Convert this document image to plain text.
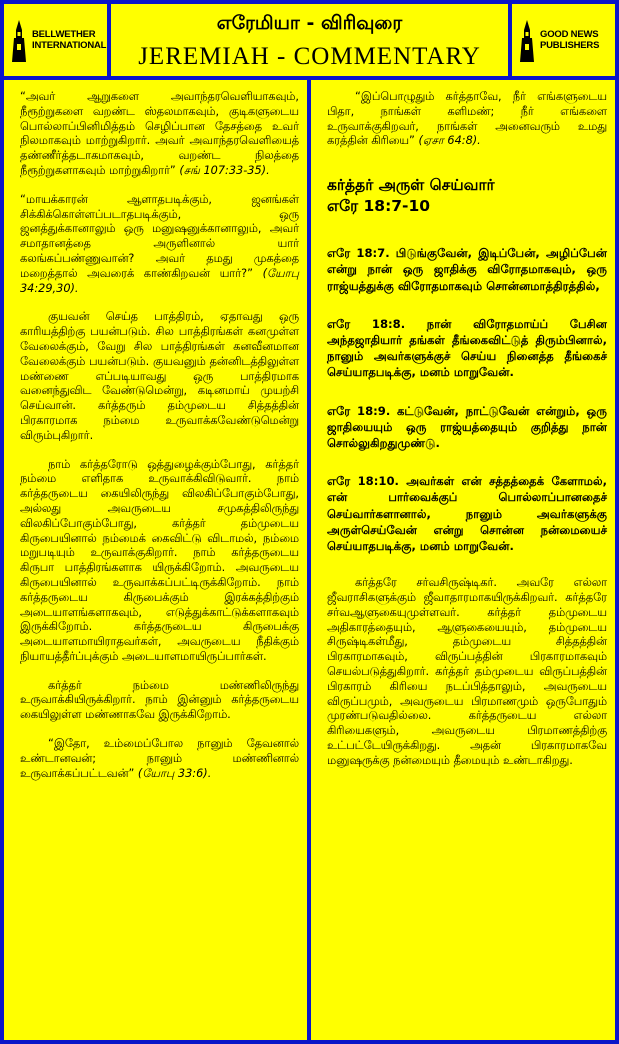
BELLWETHER INTERNATIONAL
எரேமியா - விரிவுரை
JEREMIAH - COMMENTARY
GOOD NEWS PUBLISHERS

“அவர் ஆறுகளை அவாந்தரவெளியாகவும், நீரூற்றுகளை வறண்ட ஸ்தலமாகவும், குடிகளுடைய பொல்லாப்பினிமித்தம் செழிப்பான தேசத்தை உவர் நிலமாகவும் மாற்றுகிறார். அவர் அவாந்தரவெளியைத் தண்ணீர்த்தடாகமாகவும், வறண்ட நிலத்தை நீரூற்றுகளாகவும் மாற்றுகிறார்” (சங் 107:33-35).

“மாயக்காரன் ஆளாதபடிக்கும், ஜனங்கள் சிக்கிக்கொள்ளப்படாதபடிக்கும், ஒரு ஜனத்துக்கானாலும் ஒரு மனுஷனுக்கானாலும், அவர் சமாதானத்தை அருளினால் யார் கலங்கப்பண்ணுவான்? அவர் தமது முகத்தை மறைத்தால் அவரைக் காண்கிறவன் யார்?” (யோபு 34:29,30).

குயவன் செய்த பாத்திரம், ஏதாவது ஒரு காரியத்திற்கு பயன்படும். சில பாத்திரங்கள் கனமுள்ள வேலைக்கும், வேறு சில பாத்திரங்கள் கனவீனமான வேலைக்கும் பயன்படும். குயவனும் தன்னிடத்திலுள்ள மண்ணை எப்படியாவது ஒரு பாத்திரமாக வனைந்துவிட வேண்டுமென்று, கடினமாய் முயற்சி செய்வான். கர்த்தரும் தம்முடைய சித்தத்தின் பிரகாரமாக நம்மை உருவாக்கவேண்டுமென்று விரும்புகிறார்.

நாம் கர்த்தரோடு ஒத்துழைக்கும்போது, கர்த்தர் நம்மை எளிதாக உருவாக்கிவிடுவார். நாம் கர்த்தருடைய கையிலிருந்து விலகிப்போகும்போது, அல்லது அவருடைய சமுகத்திலிருந்து விலகிப்போகும்போது, கர்த்தர் தம்முடைய கிருபையினால் நம்மைக் கைவிட்டு விடாமல், நம்மை மறுபடியும் உருவாக்குகிறார். நாம் கர்த்தருடைய கிருபா பாத்திரங்களாக யிருக்கிறோம். அவருடைய கிருபையினால் உருவாக்கப்பட்டிருக்கிறோம். நாம் கர்த்தருடைய கிருபைக்கும் இரக்கத்திற்கும் அடையாளங்களாகவும், எடுத்துக்காட்டுக்களாகவும் இருக்கிறோம். கர்த்தருடைய கிருபைக்கு அடையாளமாயிராதவர்கள், அவருடைய நீதிக்கும் நியாயத்தீர்ப்புக்கும் அடையாளமாயிருப்பார்கள்.

கர்த்தர் நம்மை மண்ணிலிருந்து உருவாக்கியிருக்கிறார். நாம் இன்னும் கர்த்தருடைய கையிலுள்ள மண்ணாகவே இருக்கிறோம்.

“இதோ, உம்மைப்போல நானும் தேவனால் உண்டானவன்; நானும் மண்ணினால் உருவாக்கப்பட்டவன்” (யோபு 33:6).

“இப்பொழுதும் கர்த்தாவே, நீர் எங்களுடைய பிதா, நாங்கள் களிமண்; நீர் எங்களை உருவாக்குகிறவர், நாங்கள் அனைவரும் உமது கரத்தின் கிரியை” (ஏசா 64:8).

கர்த்தர் அருள் செய்வார்
எரே 18:7-10

எரே 18:7. பிடுங்குவேன், இடிப்பேன், அழிப்பேன் என்று நான் ஒரு ஜாதிக்கு விரோதமாகவும், ஒரு ராஜ்யத்துக்கு விரோதமாகவும் சொன்னமாத்திரத்தில்,

எரே 18:8. நான் விரோதமாய்ப் பேசின அந்தஜாதியார் தங்கள் தீங்கைவிட்டுத் திரும்பினால், நானும் அவர்களுக்குச் செய்ய நினைத்த தீங்கைச் செய்யாதபடிக்கு, மனம் மாறுவேன்.

எரே 18:9. கட்டுவேன், நாட்டுவேன் என்றும், ஒரு ஜாதியையும் ஒரு ராஜ்யத்தையும் குறித்து நான் சொல்லுகிறதுமுண்டு.

எரே 18:10. அவர்கள் என் சத்தத்தைக் கேளாமல், என் பார்வைக்குப் பொல்லாப்பானதைச் செய்வார்களானால், நானும் அவர்களுக்கு அருள்செய்வேன் என்று சொன்ன நன்மையைச் செய்யாதபடிக்கு, மனம் மாறுவேன்.

கர்த்தரே சர்வசிருஷ்டிகர். அவரே எல்லா ஜீவராசிகளுக்கும் ஜீவாதாரமாகயிருக்கிறவர். கர்த்தரே சர்வஆளுகையுமுள்ளவர். கர்த்தர் தம்முடைய அதிகாரத்தையும், ஆளுகையையும், தம்முடைய சிருஷ்டிகள்மீது, தம்முடைய சித்தத்தின் பிரகாரமாகவும், விருப்பத்தின் பிரகாரமாகவும் செயல்படுத்துகிறார். கர்த்தர் தம்முடைய விருப்பத்தின் பிரகாரம் கிரியை நடப்பித்தாலும், அவருடைய விருப்பமும், அவருடைய பிரமாணமும் ஒருபோதும் முரண்படுவதில்லை. கர்த்தருடைய எல்லா கிரியைகளும், அவருடைய பிரமாணத்திற்கு உட்பட்டேயிருக்கிறது. அதன் பிரகாரமாகவே மனுஷருக்கு நன்மையும் தீமையும் உண்டாகிறது.
